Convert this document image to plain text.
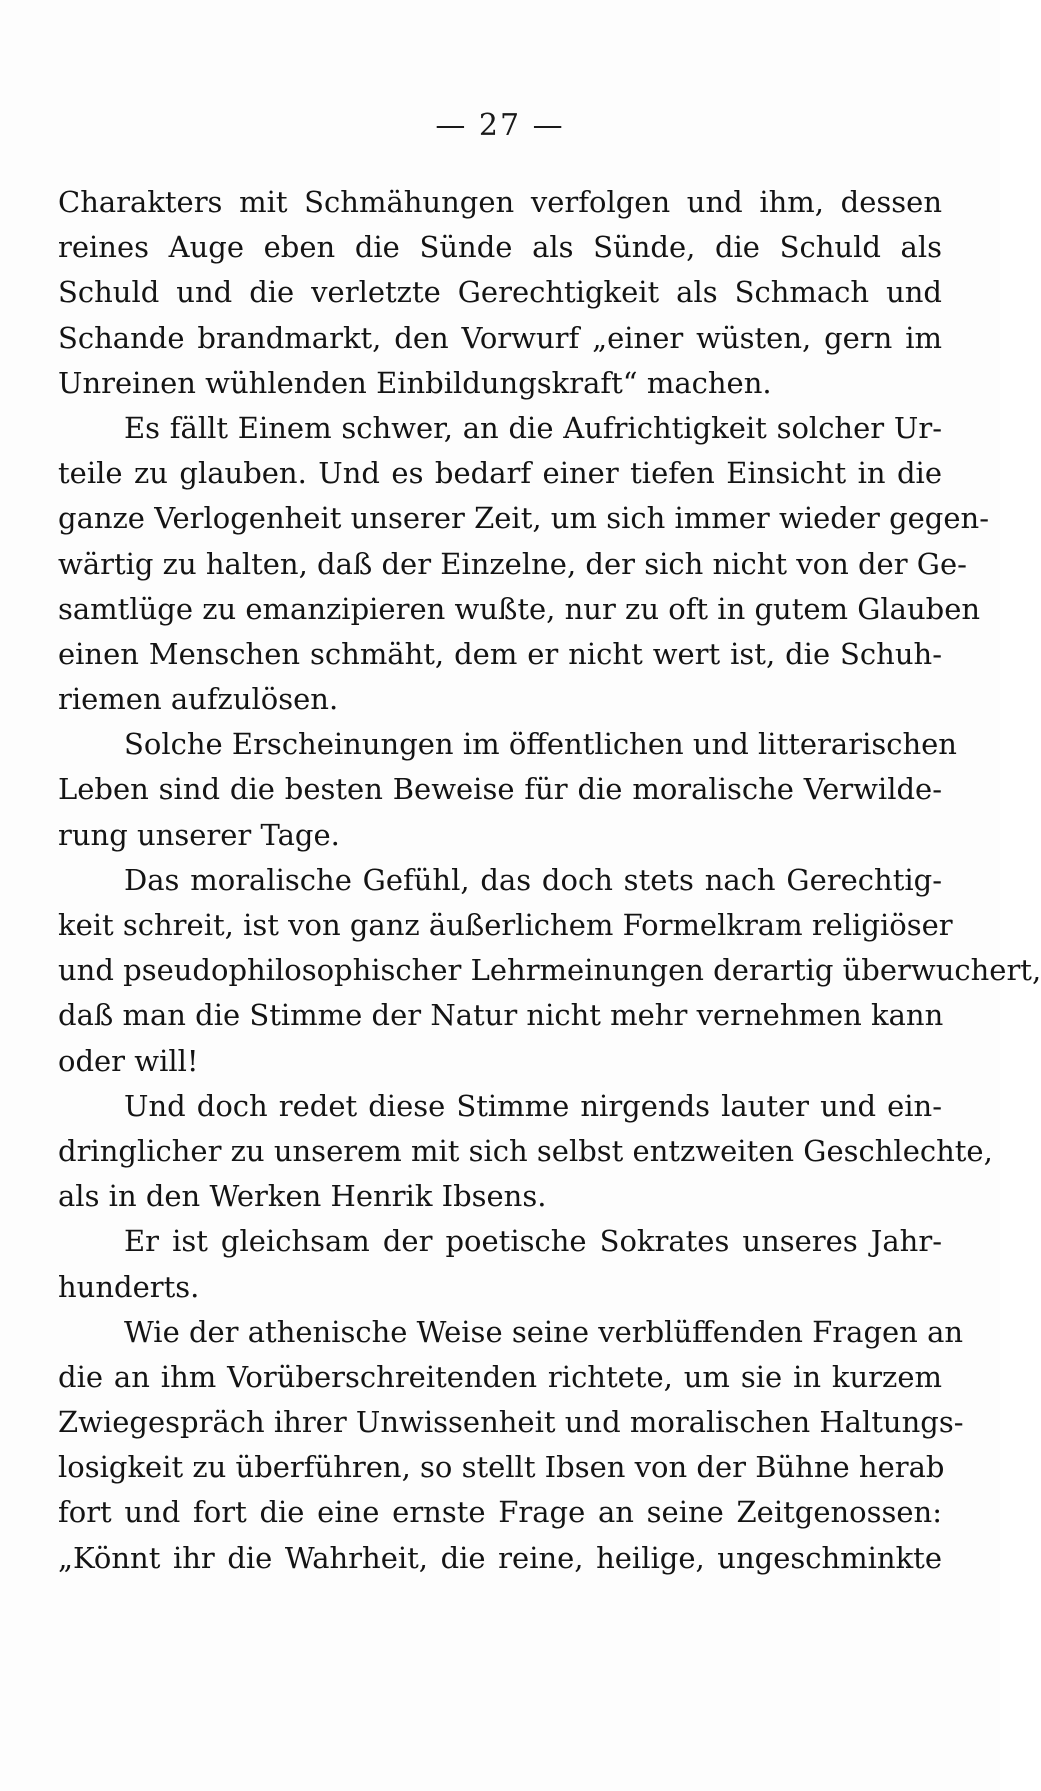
— 27 —
Charakters mit Schmähungen verfolgen und ihm, dessen
reines Auge eben die Sünde als Sünde, die Schuld als
Schuld und die verletzte Gerechtigkeit als Schmach und
Schande brandmarkt, den Vorwurf „einer wüsten, gern im
Unreinen wühlenden Einbildungskraft“ machen.
Es fällt Einem schwer, an die Aufrichtigkeit solcher Ur-
teile zu glauben. Und es bedarf einer tiefen Einsicht in die
ganze Verlogenheit unserer Zeit, um sich immer wieder gegen-
wärtig zu halten, daß der Einzelne, der sich nicht von der Ge-
samtlüge zu emanzipieren wußte, nur zu oft in gutem Glauben
einen Menschen schmäht, dem er nicht wert ist, die Schuh-
riemen aufzulösen.
Solche Erscheinungen im öffentlichen und litterarischen
Leben sind die besten Beweise für die moralische Verwilde-
rung unserer Tage.
Das moralische Gefühl, das doch stets nach Gerechtig-
keit schreit, ist von ganz äußerlichem Formelkram religiöser
und pseudophilosophischer Lehrmeinungen derartig überwuchert,
daß man die Stimme der Natur nicht mehr vernehmen kann
oder will!
Und doch redet diese Stimme nirgends lauter und ein-
dringlicher zu unserem mit sich selbst entzweiten Geschlechte,
als in den Werken Henrik Ibsens.
Er ist gleichsam der poetische Sokrates unseres Jahr-
hunderts.
Wie der athenische Weise seine verblüffenden Fragen an
die an ihm Vorüberschreitenden richtete, um sie in kurzem
Zwiegespräch ihrer Unwissenheit und moralischen Haltungs-
losigkeit zu überführen, so stellt Ibsen von der Bühne herab
fort und fort die eine ernste Frage an seine Zeitgenossen:
„Könnt ihr die Wahrheit, die reine, heilige, ungeschminkte
